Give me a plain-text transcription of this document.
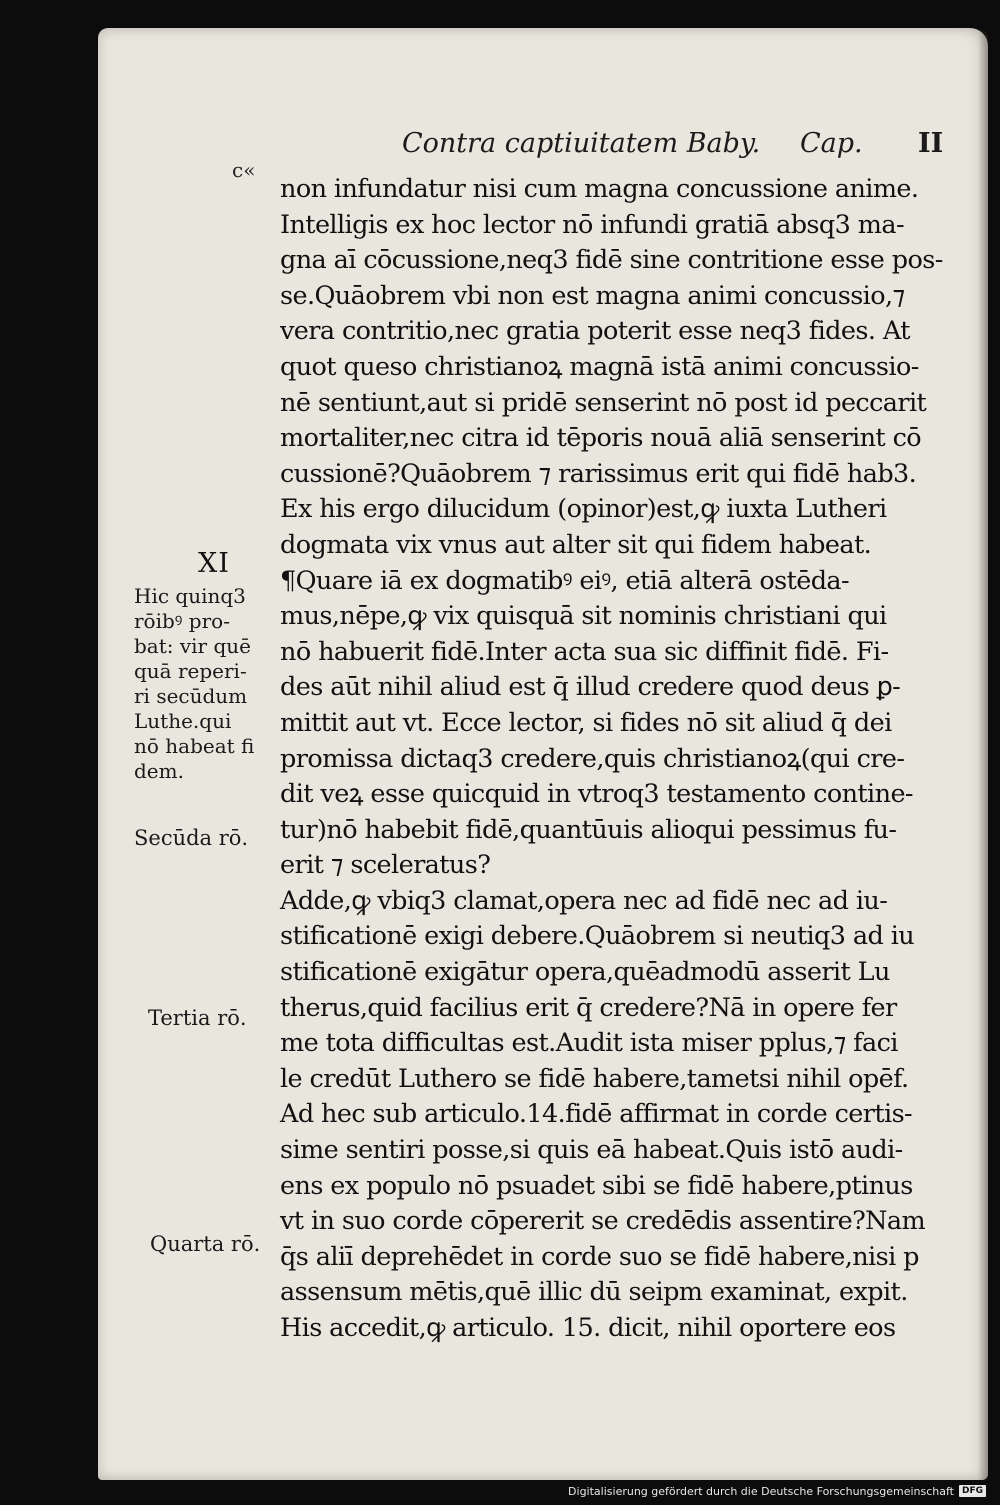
Contra captiuitatem Baby. Cap. II
c«
non infundatur nisi cum magna concussione anime.
Intelligis ex hoc lector nō infundi gratiā absq3 ma-
gna aī cōcussione,neq3 fidē sine contritione esse pos-
se.Quāobrem vbi non est magna animi concussio,⁊
vera contritio,nec gratia poterit esse neq3 fides. At
quot queso christianoꝝ magnā istā animi concussio-
nē sentiunt,aut si pridē senserint nō post id peccarit
mortaliter,nec citra id tēporis nouā aliā senserint cō
cussionē?Quāobrem ⁊ rarissimus erit qui fidē hab3.
Ex his ergo dilucidum (opinor)est,ꝙ iuxta Lutheri
dogmata vix vnus aut alter sit qui fidem habeat.
¶Quare iā ex dogmatibꝰ eiꝰ, etiā alterā ostēda-
mus,nēpe,ꝙ vix quisquā sit nominis christiani qui
nō habuerit fidē.Inter acta sua sic diffinit fidē. Fi-
des aūt nihil aliud est q̄ illud credere quod deus ꝑ-
mittit aut vt. Ecce lector, si fides nō sit aliud q̄ dei
promissa dictaq3 credere,quis christianoꝝ(qui cre-
dit veꝝ esse quicquid in vtroq3 testamento contine-
tur)nō habebit fidē,quantūuis alioqui pessimus fu-
erit ⁊ sceleratus?
Adde,ꝙ vbiq3 clamat,opera nec ad fidē nec ad iu-
stificationē exigi debere.Quāobrem si neutiq3 ad iu
stificationē exigātur opera,quēadmodū asserit Lu
therus,quid facilius erit q̄ credere?Nā in opere fer
me tota difficultas est.Audit ista miser pplus,⁊ faci
le credūt Luthero se fidē habere,tametsi nihil opēf.
Ad hec sub articulo.14.fidē affirmat in corde certis-
sime sentiri posse,si quis eā habeat.Quis istō audi-
ens ex populo nō psuadet sibi se fidē habere,ptinus
vt in suo corde cōpererit se credēdis assentire?Nam
q̄s aliī deprehēdet in corde suo se fidē habere,nisi p
assensum mētis,quē illic dū seipm examinat, expit.
His accedit,ꝙ articulo. 15. dicit, nihil oportere eos
XI
Hic quinq3
rōibꝰ pro-
bat: vir quē
quā reperi-
ri secūdum
Luthe.qui
nō habeat fi
dem.
Secūda rō.
Tertia rō.
Quarta rō.
Digitalisierung gefördert durch die Deutsche Forschungsgemeinschaft DFG
